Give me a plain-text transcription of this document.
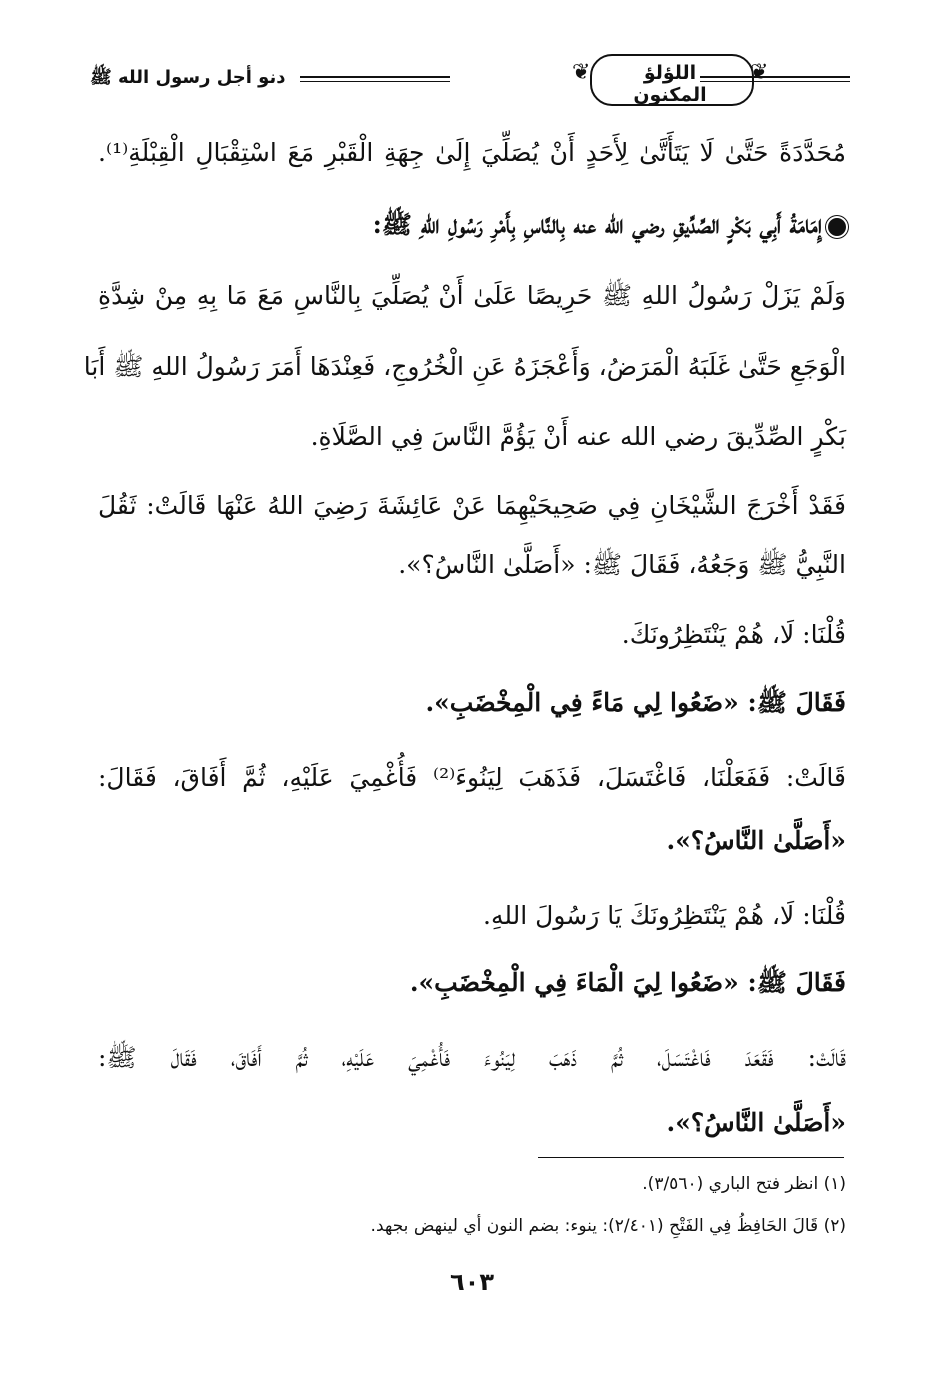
دنو أجل رسول الله ﷺ	❦	❦
اللؤلؤ المكنون
مُحَدَّدَةً حَتَّىٰ لَا يَتَأَتَّىٰ لِأَحَدٍ أَنْ يُصَلِّيَ إِلَىٰ جِهَةِ الْقَبْرِ مَعَ اسْتِقْبَالِ الْقِبْلَةِ⁽¹⁾.
إِمَامَةُ أَبِي بَكْرٍ الصِّدِّيقِ رضي الله عنه بِالنَّاسِ بِأَمْرِ رَسُولِ اللهِ ﷺ:
وَلَمْ يَزَلْ رَسُولُ اللهِ ﷺ حَرِيصًا عَلَىٰ أَنْ يُصَلِّيَ بِالنَّاسِ مَعَ مَا بِهِ مِنْ شِدَّةِ
الْوَجَعِ حَتَّىٰ غَلَبَهُ الْمَرَضُ، وَأَعْجَزَهُ عَنِ الْخُرُوجِ، فَعِنْدَهَا أَمَرَ رَسُولُ اللهِ ﷺ أَبَا
بَكْرٍ الصِّدِّيقَ رضي الله عنه أَنْ يَؤُمَّ النَّاسَ فِي الصَّلَاةِ.
فَقَدْ أَخْرَجَ الشَّيْخَانِ فِي صَحِيحَيْهِمَا عَنْ عَائِشَةَ رَضِيَ اللهُ عَنْهَا قَالَتْ: ثَقُلَ
النَّبِيُّ ﷺ وَجَعُهُ، فَقَالَ ﷺ: «أَصَلَّىٰ النَّاسُ؟».
قُلْنَا: لَا، هُمْ يَنْتَظِرُونَكَ.
فَقَالَ ﷺ: «ضَعُوا لِي مَاءً فِي الْمِخْضَبِ».
قَالَتْ: فَفَعَلْنَا، فَاغْتَسَلَ، فَذَهَبَ لِيَنُوءَ⁽²⁾ فَأُغْمِيَ عَلَيْهِ، ثُمَّ أَفَاقَ، فَقَالَ:
«أَصَلَّىٰ النَّاسُ؟».
قُلْنَا: لَا، هُمْ يَنْتَظِرُونَكَ يَا رَسُولَ اللهِ.
فَقَالَ ﷺ: «ضَعُوا لِيَ الْمَاءَ فِي الْمِخْضَبِ».
قَالَتْ: فَقَعَدَ فَاغْتَسَلَ، ثُمَّ ذَهَبَ لِيَنُوءَ فَأُغْمِيَ عَلَيْهِ، ثُمَّ أَفَاقَ، فَقَالَ ﷺ:
«أَصَلَّىٰ النَّاسُ؟».
(١) انظر فتح الباري (٣/٥٦٠).
(٢) قَالَ الحَافِظُ فِي الفَتْحِ (٢/٤٠١): ينوء: بضم النون أي لينهض بجهد.
٦٠٣
